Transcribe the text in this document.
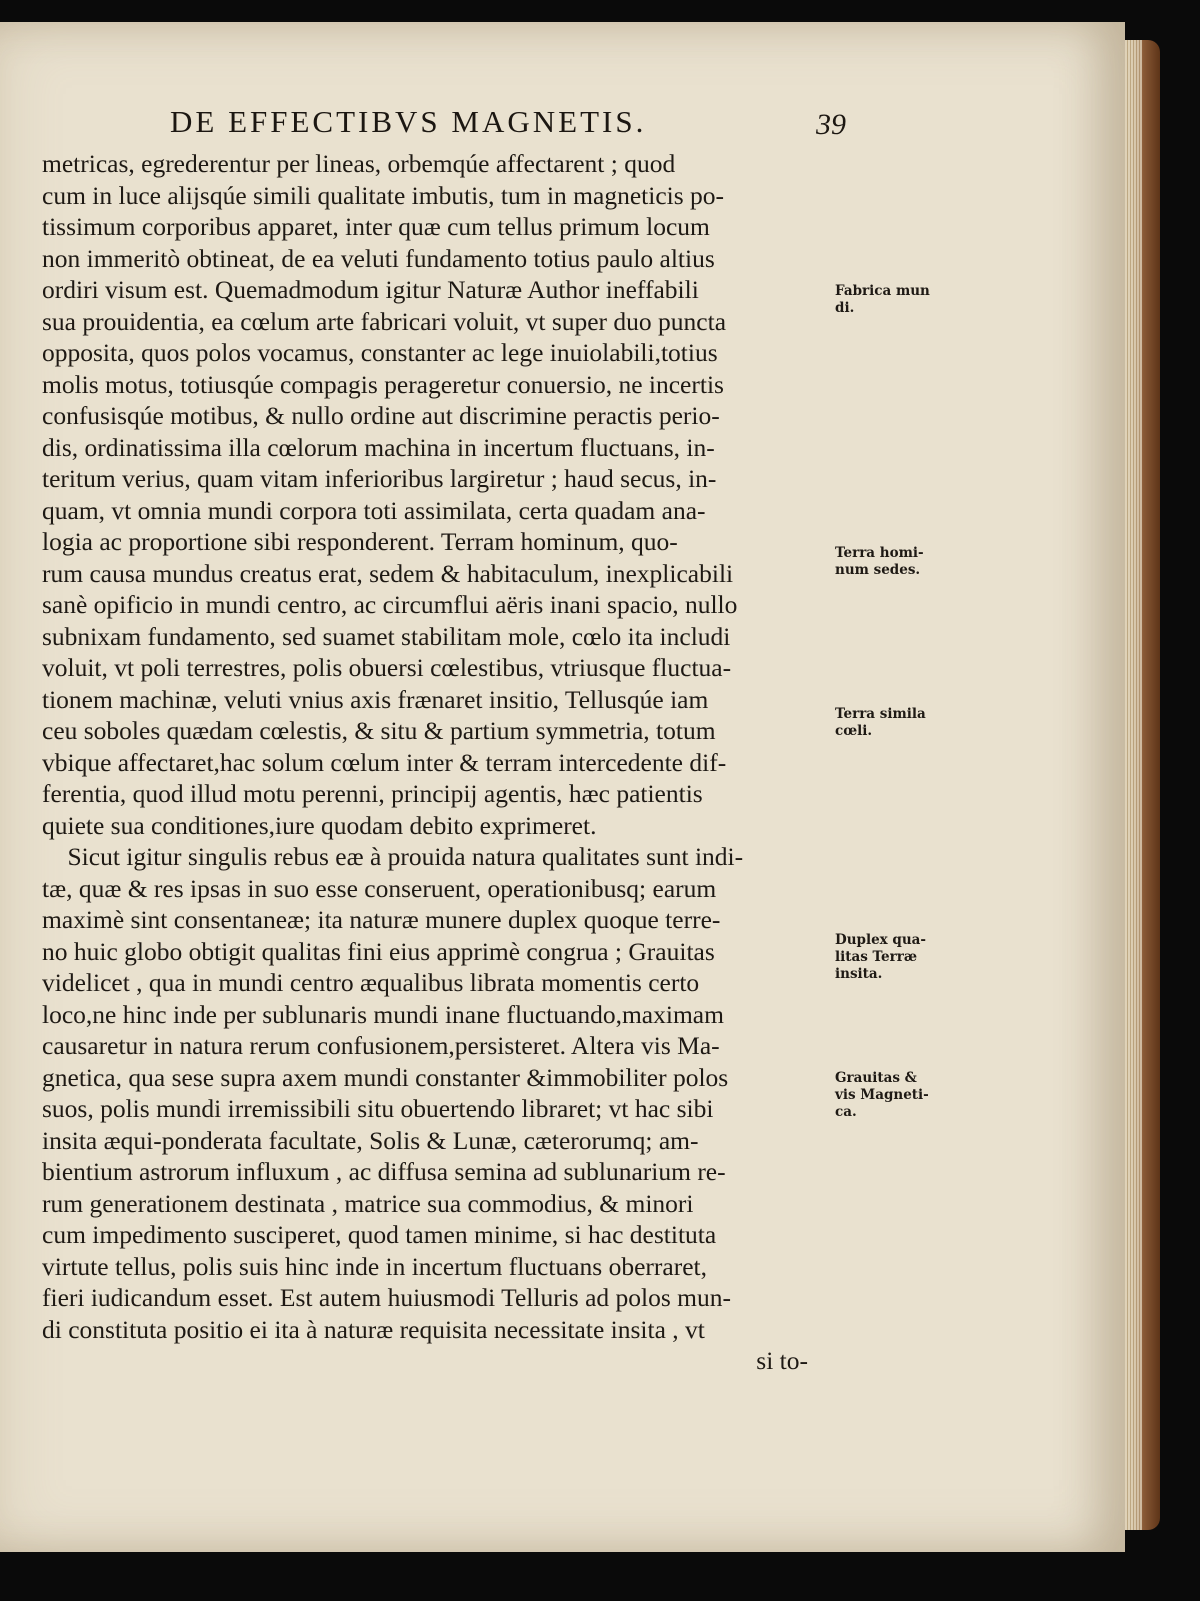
DE EFFECTIBVS MAGNETIS.	39
metricas, egrederentur per lineas, orbemqúe affectarent ; quod
cum in luce alijsqúe simili qualitate imbutis, tum in magneticis po-
tissimum corporibus apparet, inter quæ cum tellus primum locum
non immeritò obtineat, de ea veluti fundamento totius paulo altius
ordiri visum est. Quemadmodum igitur Naturæ Author ineffabili
sua prouidentia, ea cœlum arte fabricari voluit, vt super duo puncta
opposita, quos polos vocamus, constanter ac lege inuiolabili,totius
molis motus, totiusqúe compagis perageretur conuersio, ne incertis
confusisqúe motibus, & nullo ordine aut discrimine peractis perio-
dis, ordinatissima illa cœlorum machina in incertum fluctuans, in-
teritum verius, quam vitam inferioribus largiretur ; haud secus, in-
quam, vt omnia mundi corpora toti assimilata, certa quadam ana-
logia ac proportione sibi responderent. Terram hominum, quo-
rum causa mundus creatus erat, sedem & habitaculum, inexplicabili
sanè opificio in mundi centro, ac circumflui aëris inani spacio, nullo
subnixam fundamento, sed suamet stabilitam mole, cœlo ita includi
voluit, vt poli terrestres, polis obuersi cœlestibus, vtriusque fluctua-
tionem machinæ, veluti vnius axis frænaret insitio, Tellusqúe iam
ceu soboles quædam cœlestis, & situ & partium symmetria, totum
vbique affectaret,hac solum cœlum inter & terram intercedente dif-
ferentia, quod illud motu perenni, principij agentis, hæc patientis
quiete sua conditiones,iure quodam debito exprimeret.
Sicut igitur singulis rebus eæ à prouida natura qualitates sunt indi-
tæ, quæ & res ipsas in suo esse conseruent, operationibusq; earum
maximè sint consentaneæ; ita naturæ munere duplex quoque terre-
no huic globo obtigit qualitas fini eius apprimè congrua ; Grauitas
videlicet , qua in mundi centro æqualibus librata momentis certo
loco,ne hinc inde per sublunaris mundi inane fluctuando,maximam
causaretur in natura rerum confusionem,persisteret. Altera vis Ma-
gnetica, qua sese supra axem mundi constanter &immobiliter polos
suos, polis mundi irremissibili situ obuertendo libraret; vt hac sibi
insita æqui-ponderata facultate, Solis & Lunæ, cæterorumq; am-
bientium astrorum influxum , ac diffusa semina ad sublunarium re-
rum generationem destinata , matrice sua commodius, & minori
cum impedimento susciperet, quod tamen minime, si hac destituta
virtute tellus, polis suis hinc inde in incertum fluctuans oberraret,
fieri iudicandum esset. Est autem huiusmodi Telluris ad polos mun-
di constituta positio ei ita à naturæ requisita necessitate insita , vt
si to-
Fabrica mun
di.
Terra homi-
num sedes.
Terra simila
cœli.
Duplex qua-
litas Terræ
insita.
Grauitas &
vis Magneti-
ca.
